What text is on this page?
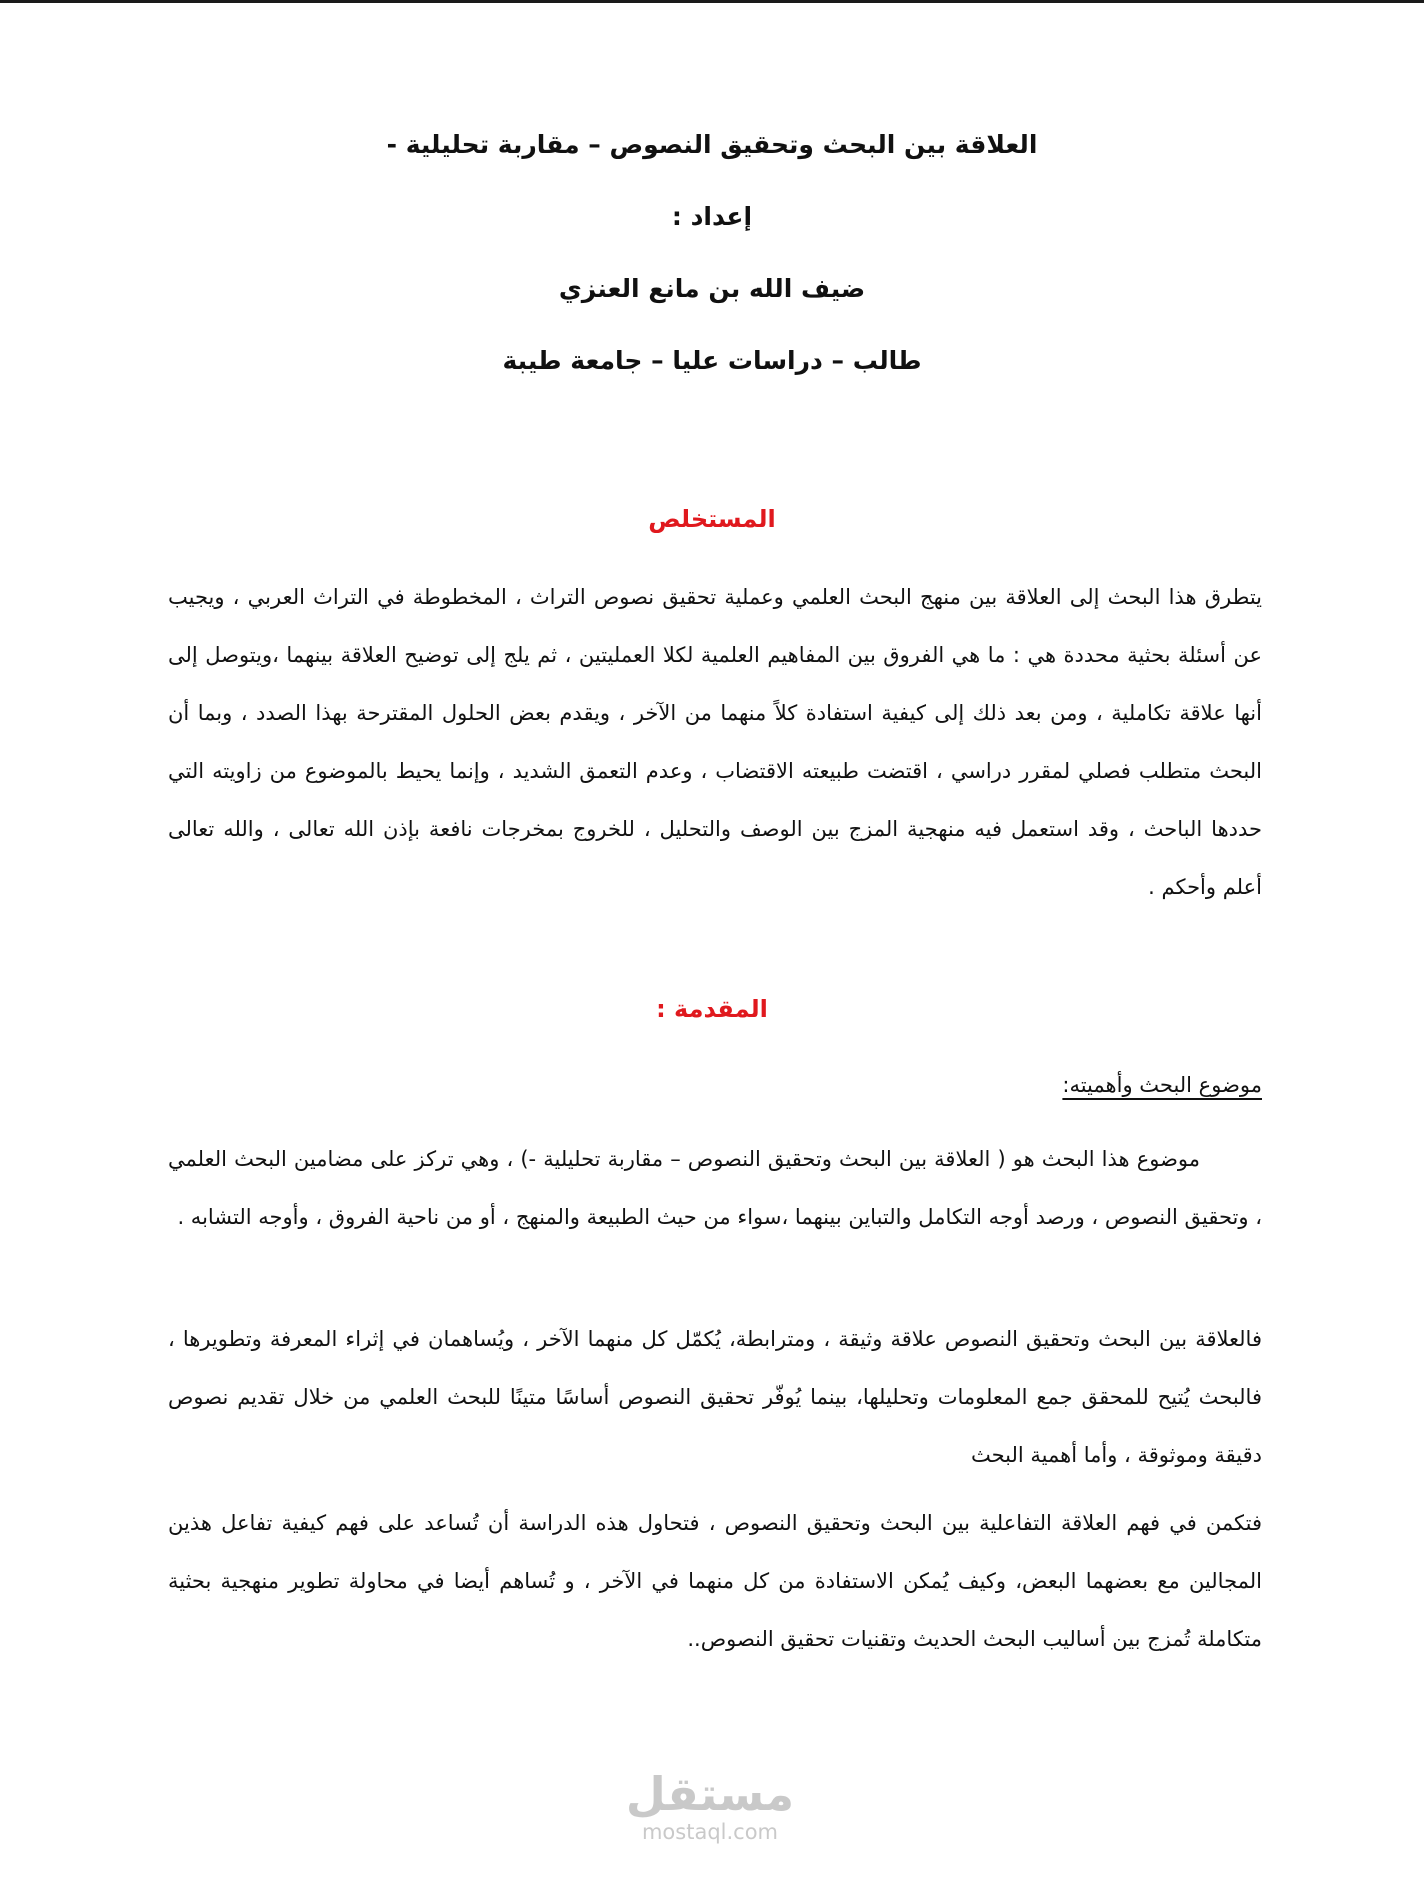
العلاقة بين البحث وتحقيق النصوص – مقاربة تحليلية -
إعداد :
ضيف الله بن مانع العنزي
طالب – دراسات عليا – جامعة طيبة
المستخلص

يتطرق هذا البحث إلى العلاقة بين منهج البحث العلمي وعملية تحقيق نصوص التراث ، المخطوطة في التراث العربي ، ويجيب عن أسئلة بحثية محددة هي : ما هي الفروق بين المفاهيم العلمية لكلا العمليتين ، ثم يلج إلى توضيح العلاقة بينهما ،ويتوصل إلى أنها علاقة تكاملية ، ومن بعد ذلك إلى كيفية استفادة كلاً منهما من الآخر ، ويقدم بعض الحلول المقترحة بهذا الصدد ، وبما أن البحث متطلب فصلي لمقرر دراسي ، اقتضت طبيعته الاقتضاب ، وعدم التعمق الشديد ، وإنما يحيط بالموضوع من زاويته التي حددها الباحث ، وقد استعمل فيه منهجية المزج بين الوصف والتحليل ، للخروج بمخرجات نافعة بإذن الله تعالى ، والله تعالى أعلم وأحكم .

المقدمة :
موضوع البحث وأهميته:

موضوع هذا البحث هو ( العلاقة بين البحث وتحقيق النصوص – مقاربة تحليلية -) ، وهي تركز على مضامين البحث العلمي ، وتحقيق النصوص ، ورصد أوجه التكامل والتباين بينهما ،سواء من حيث الطبيعة والمنهج ، أو من ناحية الفروق ، وأوجه التشابه .

فالعلاقة بين البحث وتحقيق النصوص علاقة وثيقة ، ومترابطة، يُكمّل كل منهما الآخر ، ويُساهمان في إثراء المعرفة وتطويرها ، فالبحث يُتيح للمحقق جمع المعلومات وتحليلها، بينما يُوفّر تحقيق النصوص أساسًا متينًا للبحث العلمي من خلال تقديم نصوص دقيقة وموثوقة ، وأما أهمية البحث

فتكمن في فهم العلاقة التفاعلية بين البحث وتحقيق النصوص ، فتحاول هذه الدراسة أن تُساعد على فهم كيفية تفاعل هذين المجالين مع بعضهما البعض، وكيف يُمكن الاستفادة من كل منهما في الآخر ، و تُساهم أيضا في محاولة تطوير منهجية بحثية متكاملة تُمزج بين أساليب البحث الحديث وتقنيات تحقيق النصوص..

مستقل
mostaql.com
